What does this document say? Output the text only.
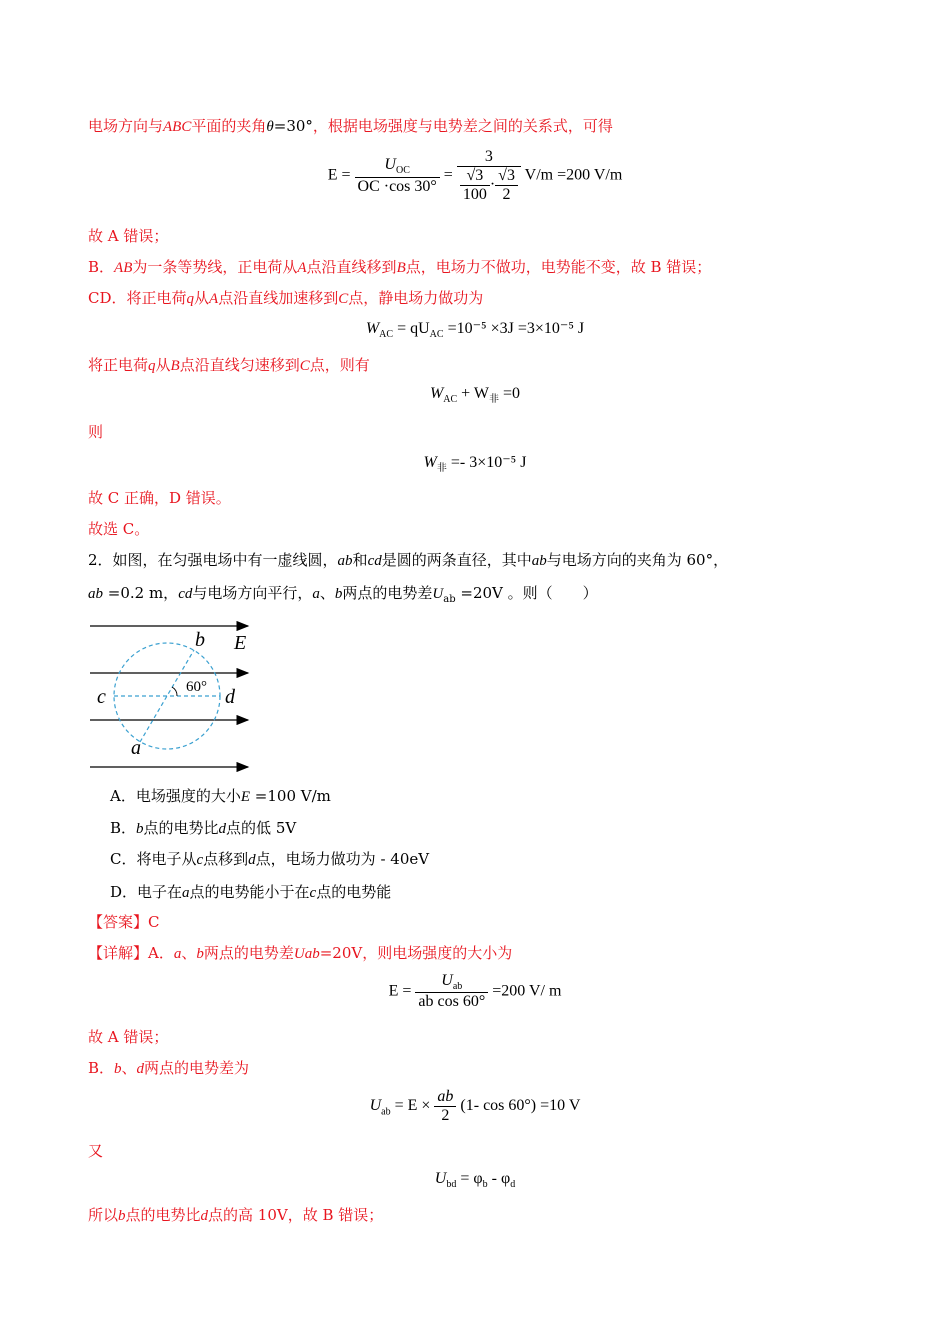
电场方向与ABC平面的夹角θ=30°，根据电场强度与电势差之间的关系式，可得
E =
$U_{OC}$
OC ·cos 30°
= $\frac{3}{\frac{√3}{100} \cdot \frac{√3}{2}} V/m =200$ V/m
故 A 错误；
B．AB为一条等势线，正电荷从A点沿直线移到B点，电场力不做功，电势能不变，故 B 错误；
CD．将正电荷q从A点沿直线加速移到C点，静电场力做功为
$W_{AC} = qU_{AC} =10^{-5} \times 3J =3\times 10^{-5}$ J
将正电荷q从B点沿直线匀速移到C点，则有
$W_{AC} + W_非 =0$
则
$W_非 =- 3\times 10^{-5}$ J
故 C 正确，D 错误。
故选 C。
2．如图，在匀强电场中有一虚线圆，ab和cd是圆的两条直径，其中ab与电场方向的夹角为 60°，
ab =0.2 m，cd与电场方向平行，a、b两点的电势差$U_{ab} =20V$ 。则（　　）
b E
c	60° d
a
A．电场强度的大小E =100 V/m
B．b点的电势比d点的低 5V
C．将电子从c点移到d点，电场力做功为 - 40eV
D．电子在a点的电势能小于在c点的电势能
【答案】C
【详解】A．a、b两点的电势差Uab=20V，则电场强度的大小为
E =
$U_{ab}$
ab cos 60°
=200 V/ m
故 A 错误；
B．b、d两点的电势差为
$U_{ab} = E \times \frac{ab}{2} (1-$ cos 60°) =10 V
又
$U_{bd} = \varphi_b - \varphi_d$
所以b点的电势比d点的高 10V，故 B 错误；
